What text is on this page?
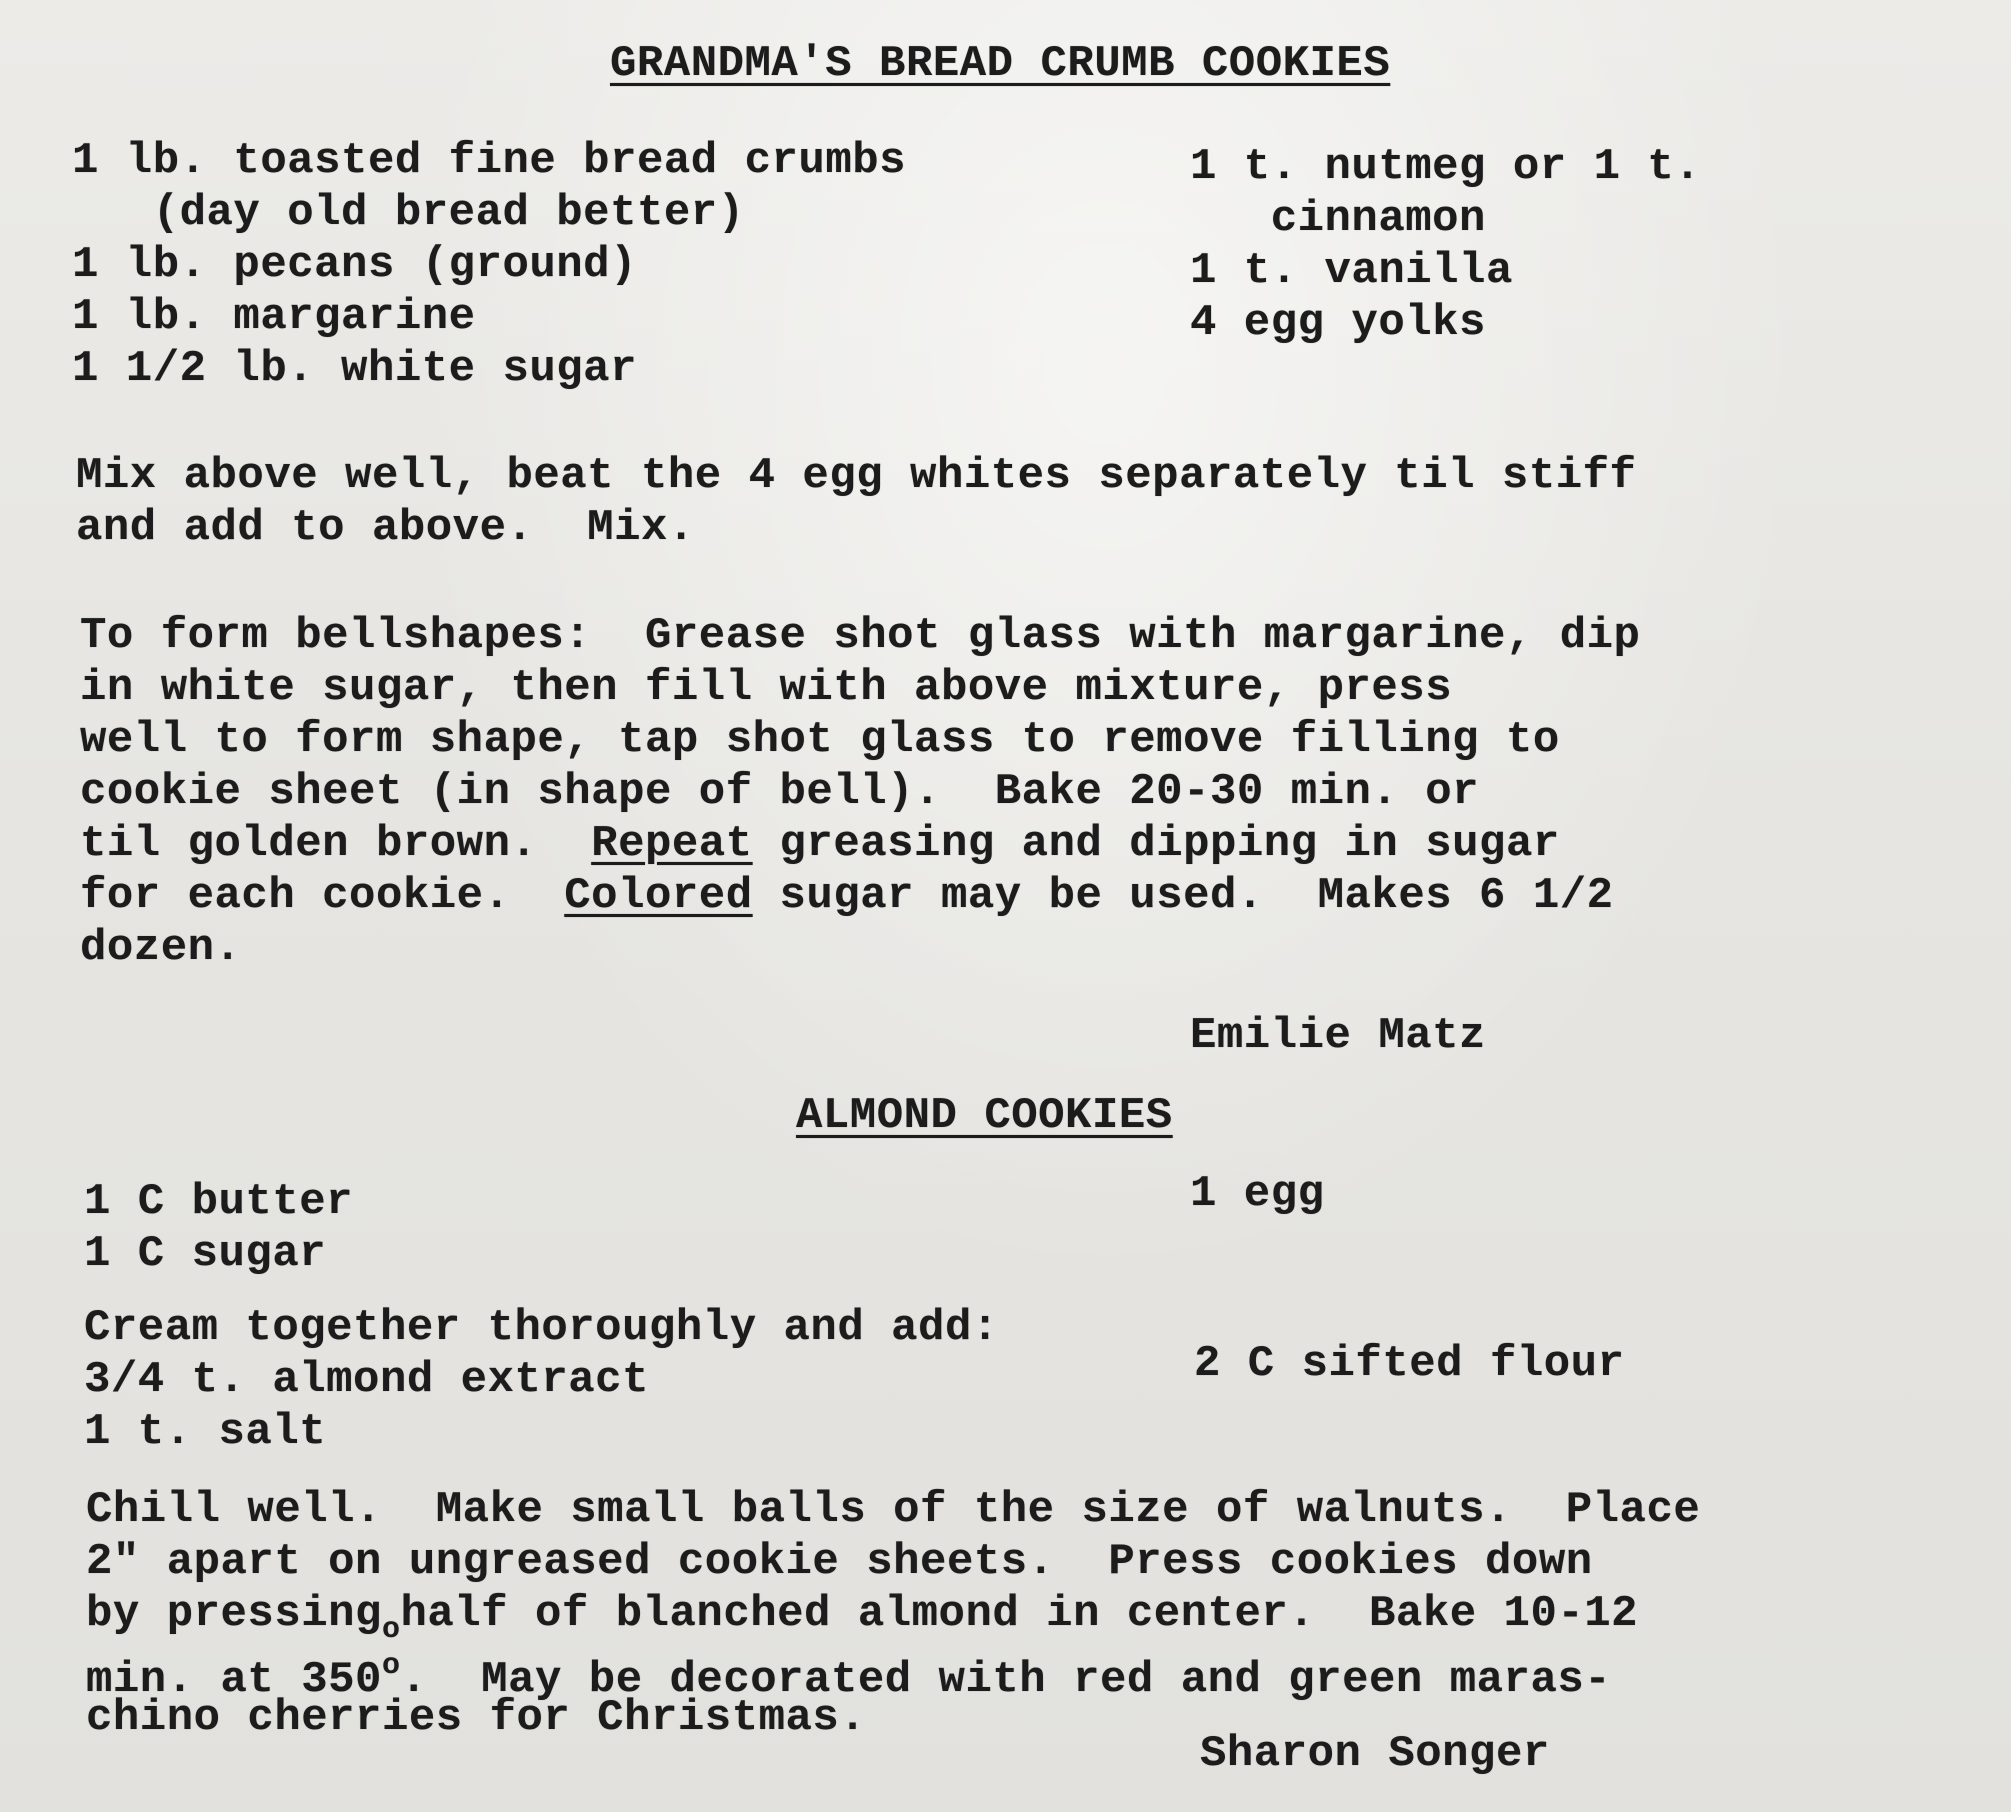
GRANDMA'S BREAD CRUMB COOKIES
1 lb. toasted fine bread crumbs
(day old bread better)
1 lb. pecans (ground)
1 lb. margarine
1 1/2 lb. white sugar
1 t. nutmeg or 1 t.
cinnamon
1 t. vanilla
4 egg yolks
Mix above well, beat the 4 egg whites separately til stiff
and add to above.  Mix.
To form bellshapes:  Grease shot glass with margarine, dip
in white sugar, then fill with above mixture, press
well to form shape, tap shot glass to remove filling to
cookie sheet (in shape of bell).  Bake 20-30 min. or
til golden brown.  Repeat greasing and dipping in sugar
for each cookie.  Colored sugar may be used.  Makes 6 1/2
dozen.
Emilie Matz
ALMOND COOKIES
1 C butter
1 C sugar
1 egg
Cream together thoroughly and add:
3/4 t. almond extract
1 t. salt
2 C sifted flour
Chill well.  Make small balls of the size of walnuts.  Place
2" apart on ungreased cookie sheets.  Press cookies down
by pressing$_o$half of blanched almond in center.  Bake 10-12
min. at 350$^o$.  May be decorated with red and green maras-
chino cherries for Christmas.
Sharon Songer
